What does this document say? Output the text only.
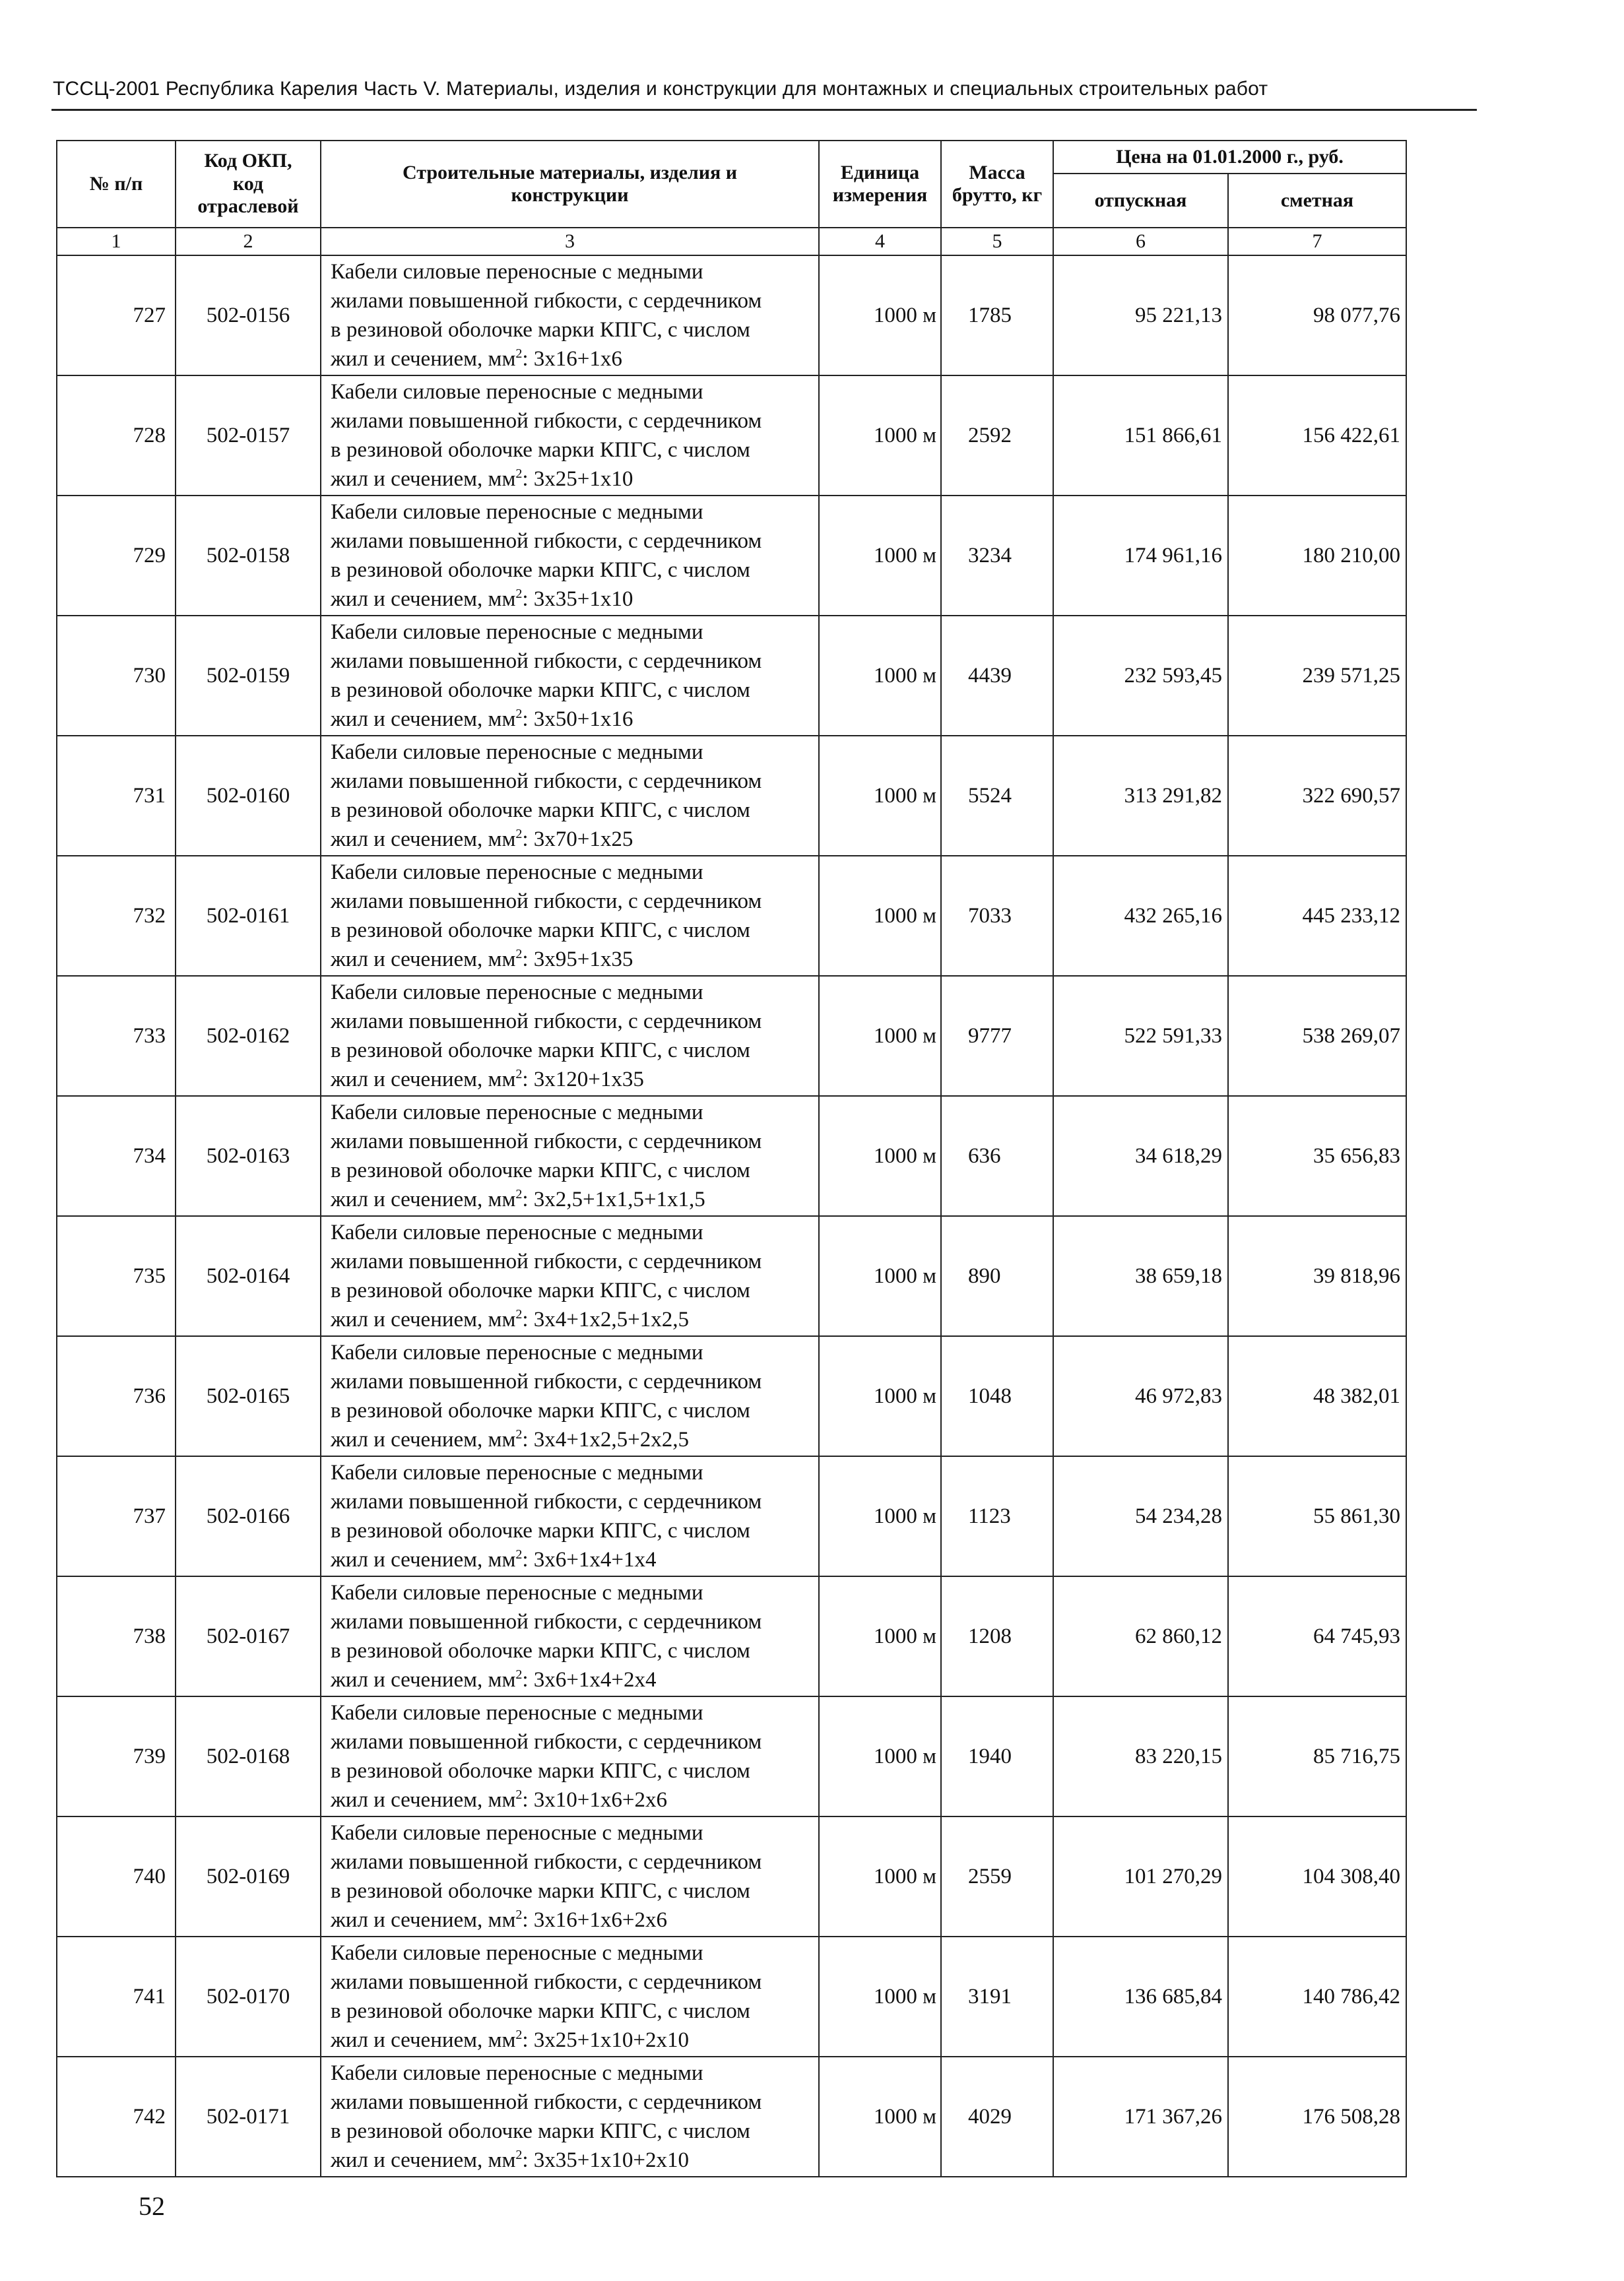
ТССЦ-2001 Республика Карелия Часть V. Материалы, изделия и конструкции для монтажных и специальных строительных работ
№ п/п	Код ОКП,
код
отраслевой	Строительные материалы, изделия и
конструкции	Единица
измерения	Масса
брутто, кг	Цена на 01.01.2000 г., руб.	
					отпускная	сметная
1	2	3	4	5	6	7
727	502-0156	Кабели силовые переносные с медными
жилами повышенной гибкости, с сердечником
в резиновой оболочке марки КПГС, с числом
жил и сечением, $мм^2$: 3х16+1х6	1000 м	1785	95 221,13	98 077,76
728	502-0157	Кабели силовые переносные с медными
жилами повышенной гибкости, с сердечником
в резиновой оболочке марки КПГС, с числом
жил и сечением, $мм^2$: 3х25+1х10	1000 м	2592	151 866,61	156 422,61
729	502-0158	Кабели силовые переносные с медными
жилами повышенной гибкости, с сердечником
в резиновой оболочке марки КПГС, с числом
жил и сечением, $мм^2$: 3х35+1х10	1000 м	3234	174 961,16	180 210,00
730	502-0159	Кабели силовые переносные с медными
жилами повышенной гибкости, с сердечником
в резиновой оболочке марки КПГС, с числом
жил и сечением, $мм^2$: 3х50+1х16	1000 м	4439	232 593,45	239 571,25
731	502-0160	Кабели силовые переносные с медными
жилами повышенной гибкости, с сердечником
в резиновой оболочке марки КПГС, с числом
жил и сечением, $мм^2$: 3х70+1х25	1000 м	5524	313 291,82	322 690,57
732	502-0161	Кабели силовые переносные с медными
жилами повышенной гибкости, с сердечником
в резиновой оболочке марки КПГС, с числом
жил и сечением, $мм^2$: 3х95+1х35	1000 м	7033	432 265,16	445 233,12
733	502-0162	Кабели силовые переносные с медными
жилами повышенной гибкости, с сердечником
в резиновой оболочке марки КПГС, с числом
жил и сечением, $мм^2$: 3х120+1х35	1000 м	9777	522 591,33	538 269,07
734	502-0163	Кабели силовые переносные с медными
жилами повышенной гибкости, с сердечником
в резиновой оболочке марки КПГС, с числом
жил и сечением, $мм^2$: 3х2,5+1х1,5+1х1,5	1000 м	636	34 618,29	35 656,83
735	502-0164	Кабели силовые переносные с медными
жилами повышенной гибкости, с сердечником
в резиновой оболочке марки КПГС, с числом
жил и сечением, $мм^2$: 3х4+1х2,5+1х2,5	1000 м	890	38 659,18	39 818,96
736	502-0165	Кабели силовые переносные с медными
жилами повышенной гибкости, с сердечником
в резиновой оболочке марки КПГС, с числом
жил и сечением, $мм^2$: 3х4+1х2,5+2х2,5	1000 м	1048	46 972,83	48 382,01
737	502-0166	Кабели силовые переносные с медными
жилами повышенной гибкости, с сердечником
в резиновой оболочке марки КПГС, с числом
жил и сечением, $мм^2$: 3х6+1х4+1х4	1000 м	1123	54 234,28	55 861,30
738	502-0167	Кабели силовые переносные с медными
жилами повышенной гибкости, с сердечником
в резиновой оболочке марки КПГС, с числом
жил и сечением, $мм^2$: 3х6+1х4+2х4	1000 м	1208	62 860,12	64 745,93
739	502-0168	Кабели силовые переносные с медными
жилами повышенной гибкости, с сердечником
в резиновой оболочке марки КПГС, с числом
жил и сечением, $мм^2$: 3х10+1х6+2х6	1000 м	1940	83 220,15	85 716,75
740	502-0169	Кабели силовые переносные с медными
жилами повышенной гибкости, с сердечником
в резиновой оболочке марки КПГС, с числом
жил и сечением, $мм^2$: 3х16+1х6+2х6	1000 м	2559	101 270,29	104 308,40
741	502-0170	Кабели силовые переносные с медными
жилами повышенной гибкости, с сердечником
в резиновой оболочке марки КПГС, с числом
жил и сечением, $мм^2$: 3х25+1х10+2х10	1000 м	3191	136 685,84	140 786,42
742	502-0171	Кабели силовые переносные с медными
жилами повышенной гибкости, с сердечником
в резиновой оболочке марки КПГС, с числом
жил и сечением, $мм^2$: 3х35+1х10+2х10	1000 м	4029	171 367,26	176 508,28
52
